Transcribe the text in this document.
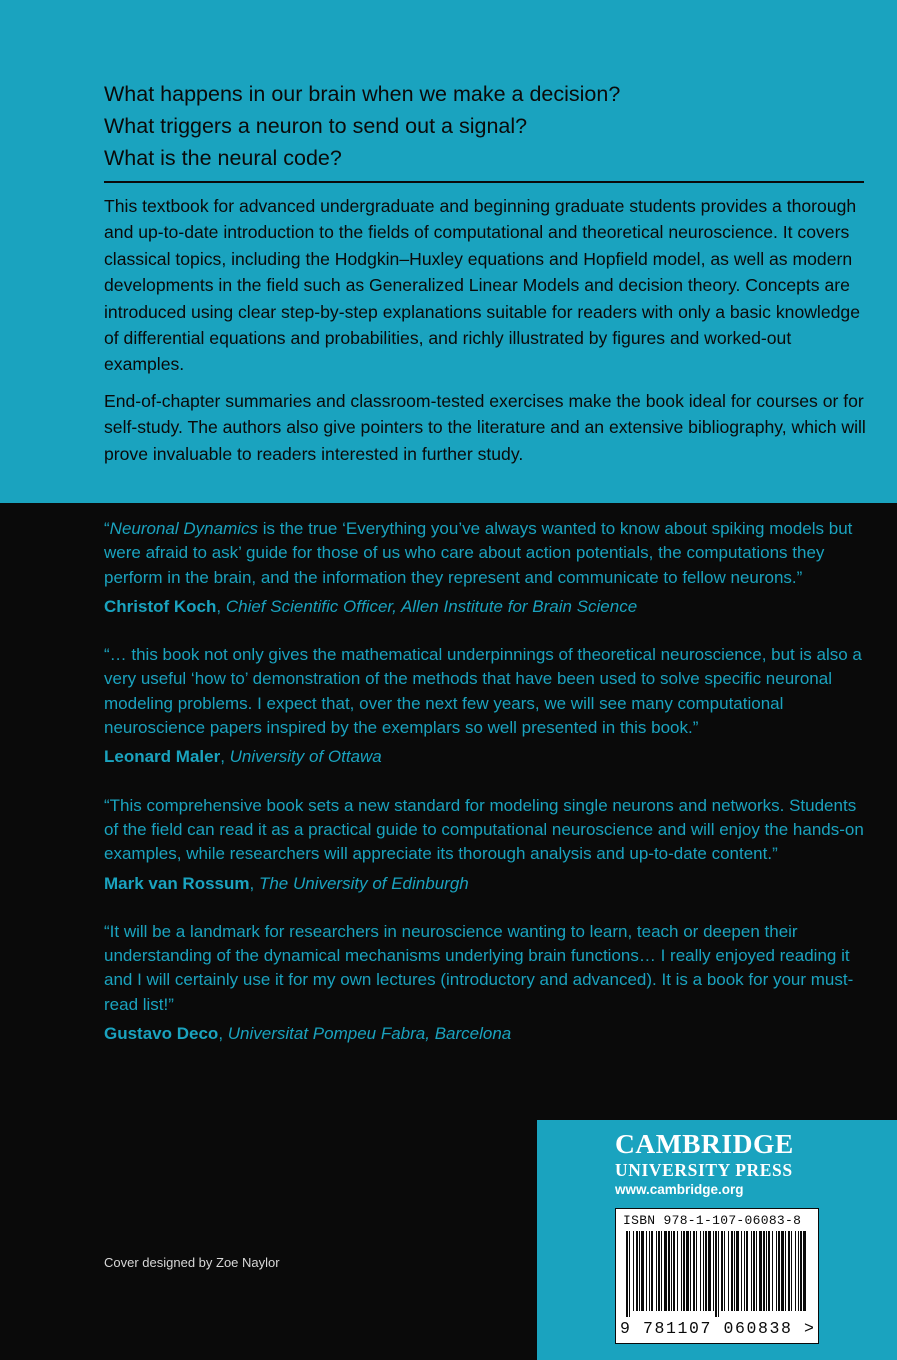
What happens in our brain when we make a decision?
What triggers a neuron to send out a signal?
What is the neural code?

This textbook for advanced undergraduate and beginning graduate students provides a thorough and up-to-date introduction to the fields of computational and theoretical neuroscience. It covers classical topics, including the Hodgkin–Huxley equations and Hopfield model, as well as modern developments in the field such as Generalized Linear Models and decision theory. Concepts are introduced using clear step-by-step explanations suitable for readers with only a basic knowledge of differential equations and probabilities, and richly illustrated by figures and worked-out examples.

End-of-chapter summaries and classroom-tested exercises make the book ideal for courses or for self-study. The authors also give pointers to the literature and an extensive bibliography, which will prove invaluable to readers interested in further study.

“Neuronal Dynamics is the true ‘Everything you’ve always wanted to know about spiking models but were afraid to ask’ guide for those of us who care about action potentials, the computations they perform in the brain, and the information they represent and communicate to fellow neurons.”

Christof Koch, Chief Scientific Officer, Allen Institute for Brain Science

“… this book not only gives the mathematical underpinnings of theoretical neuroscience, but is also a very useful ‘how to’ demonstration of the methods that have been used to solve specific neuronal modeling problems. I expect that, over the next few years, we will see many computational neuroscience papers inspired by the exemplars so well presented in this book.”

Leonard Maler, University of Ottawa

“This comprehensive book sets a new standard for modeling single neurons and networks. Students of the field can read it as a practical guide to computational neuroscience and will enjoy the hands-on examples, while researchers will appreciate its thorough analysis and up-to-date content.”

Mark van Rossum, The University of Edinburgh

“It will be a landmark for researchers in neuroscience wanting to learn, teach or deepen their understanding of the dynamical mechanisms underlying brain functions… I really enjoyed reading it and I will certainly use it for my own lectures (introductory and advanced). It is a book for your must-read list!”

Gustavo Deco, Universitat Pompeu Fabra, Barcelona

Cover designed by Zoe Naylor
CAMBRIDGE
UNIVERSITY PRESS
www.cambridge.org
ISBN 978-1-107-06083-8
9 781107 060838 >
